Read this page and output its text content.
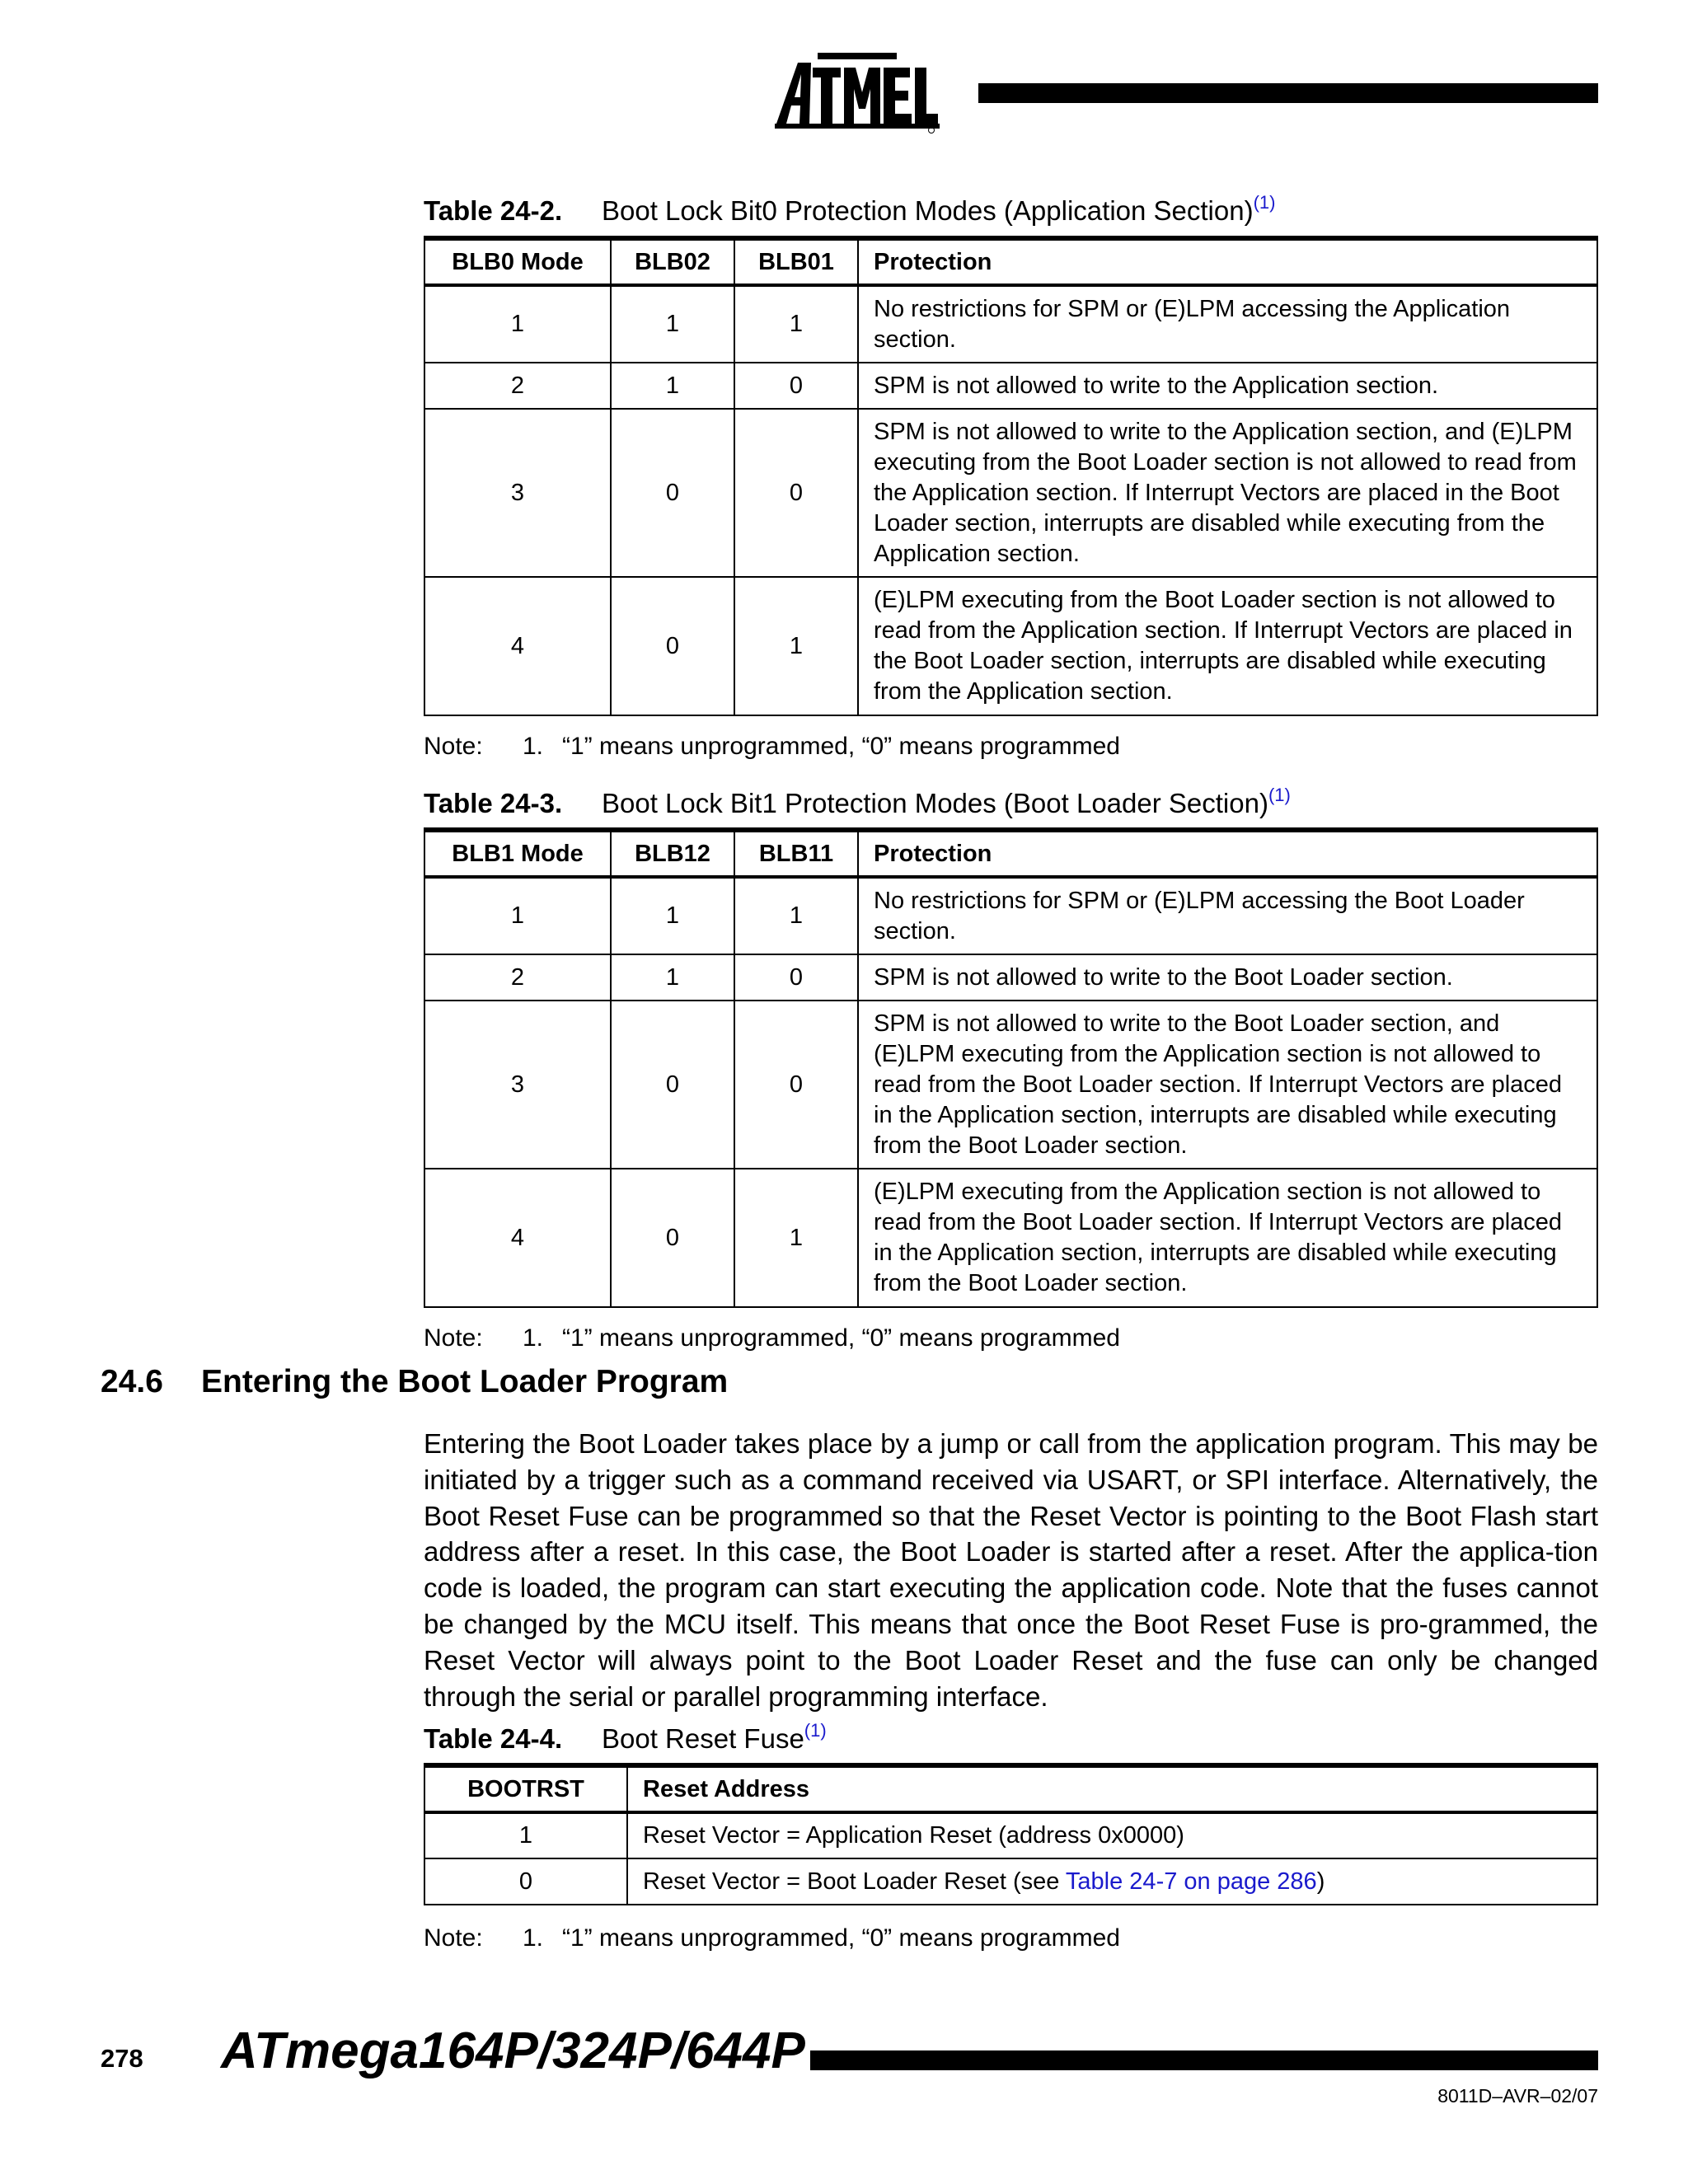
Table 24-2. Boot Lock Bit0 Protection Modes (Application Section)$^{(1)}$
BLB0 Mode	BLB02	BLB01	Protection
1	1	1	No restrictions for SPM or (E)LPM accessing the Application section.
2	1	0	SPM is not allowed to write to the Application section.
3	0	0	SPM is not allowed to write to the Application section, and (E)LPM executing from the Boot Loader section is not allowed to read from the Application section. If Interrupt Vectors are placed in the Boot Loader section, interrupts are disabled while executing from the Application section.
4	0	1	(E)LPM executing from the Boot Loader section is not allowed to read from the Application section. If Interrupt Vectors are placed in the Boot Loader section, interrupts are disabled while executing from the Application section.
Note: 1. “1” means unprogrammed, “0” means programmed
Table 24-3. Boot Lock Bit1 Protection Modes (Boot Loader Section)$^{(1)}$
BLB1 Mode	BLB12	BLB11	Protection
1	1	1	No restrictions for SPM or (E)LPM accessing the Boot Loader section.
2	1	0	SPM is not allowed to write to the Boot Loader section.
3	0	0	SPM is not allowed to write to the Boot Loader section, and (E)LPM executing from the Application section is not allowed to read from the Boot Loader section. If Interrupt Vectors are placed in the Application section, interrupts are disabled while executing from the Boot Loader section.
4	0	1	(E)LPM executing from the Application section is not allowed to read from the Boot Loader section. If Interrupt Vectors are placed in the Application section, interrupts are disabled while executing from the Boot Loader section.
Note: 1. “1” means unprogrammed, “0” means programmed
24.6 Entering the Boot Loader Program
Entering the Boot Loader takes place by a jump or call from the application program. This may be initiated by a trigger such as a command received via USART, or SPI interface. Alternatively, the Boot Reset Fuse can be programmed so that the Reset Vector is pointing to the Boot Flash start address after a reset. In this case, the Boot Loader is started after a reset. After the applica-tion code is loaded, the program can start executing the application code. Note that the fuses cannot be changed by the MCU itself. This means that once the Boot Reset Fuse is pro-grammed, the Reset Vector will always point to the Boot Loader Reset and the fuse can only be changed through the serial or parallel programming interface.
Table 24-4. Boot Reset Fuse$^{(1)}$
BOOTRST	Reset Address
1	Reset Vector = Application Reset (address 0x0000)
0	Reset Vector = Boot Loader Reset (see Table 24-7 on page 286)
Note: 1. “1” means unprogrammed, “0” means programmed
278 ATmega164P/324P/644P
8011D–AVR–02/07
